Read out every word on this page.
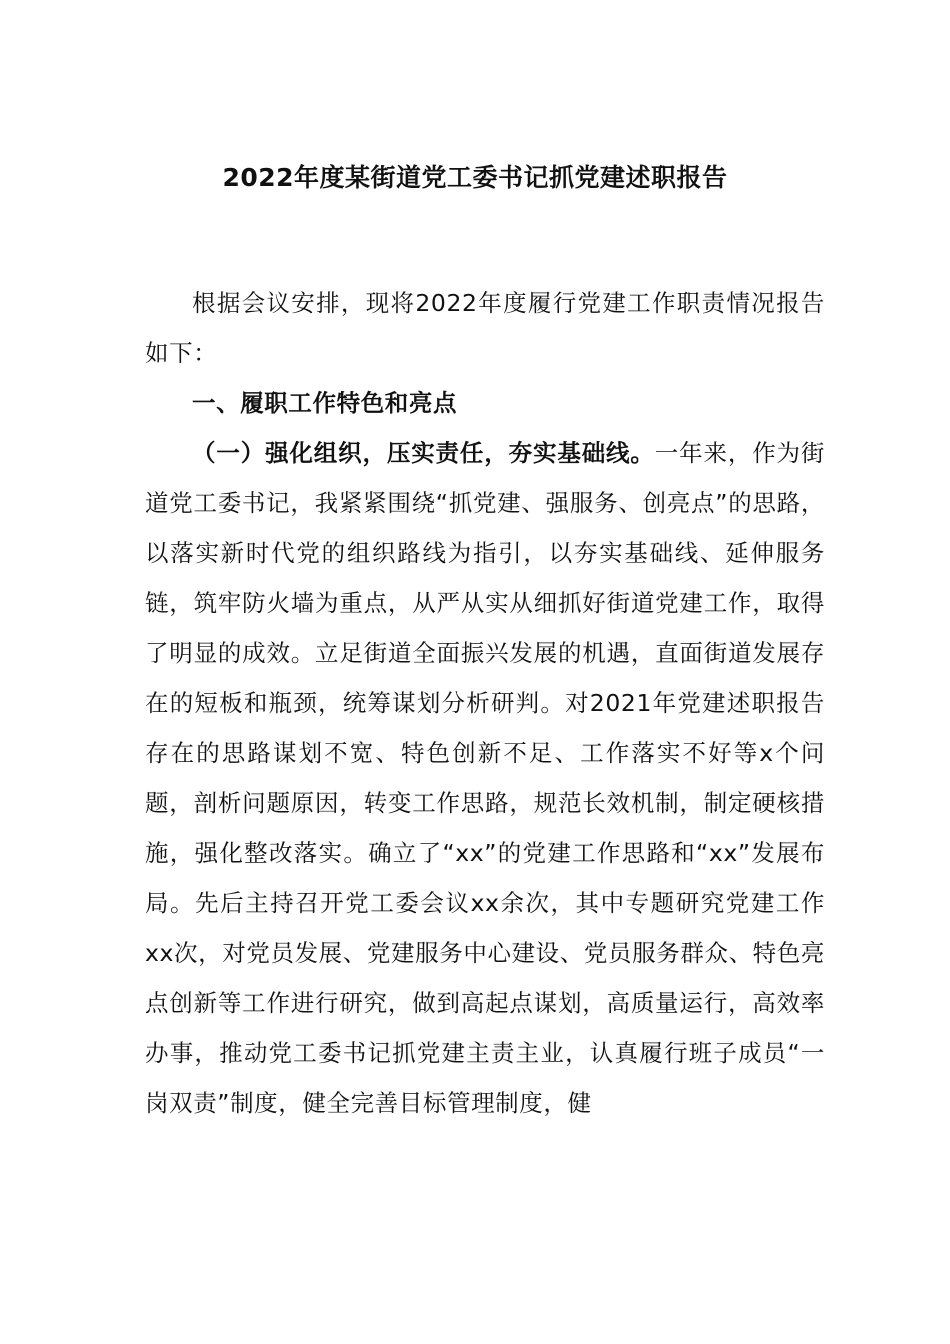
2022年度某街道党工委书记抓党建述职报告

根据会议安排，现将2022年度履行党建工作职责情况报告如下：

一、履职工作特色和亮点

（一）强化组织，压实责任，夯实基础线。一年来，作为街道党工委书记，我紧紧围绕“抓党建、强服务、创亮点”的思路，以落实新时代党的组织路线为指引，以夯实基础线、延伸服务链，筑牢防火墙为重点，从严从实从细抓好街道党建工作，取得了明显的成效。立足街道全面振兴发展的机遇，直面街道发展存在的短板和瓶颈，统筹谋划分析研判。对2021年党建述职报告存在的思路谋划不宽、特色创新不足、工作落实不好等x个问题，剖析问题原因，转变工作思路，规范长效机制，制定硬核措施，强化整改落实。确立了“xx”的党建工作思路和“xx”发展布局。先后主持召开党工委会议xx余次，其中专题研究党建工作xx次，对党员发展、党建服务中心建设、党员服务群众、特色亮点创新等工作进行研究，做到高起点谋划，高质量运行，高效率办事，推动党工委书记抓党建主责主业，认真履行班子成员“一岗双责”制度，健全完善目标管理制度，健
